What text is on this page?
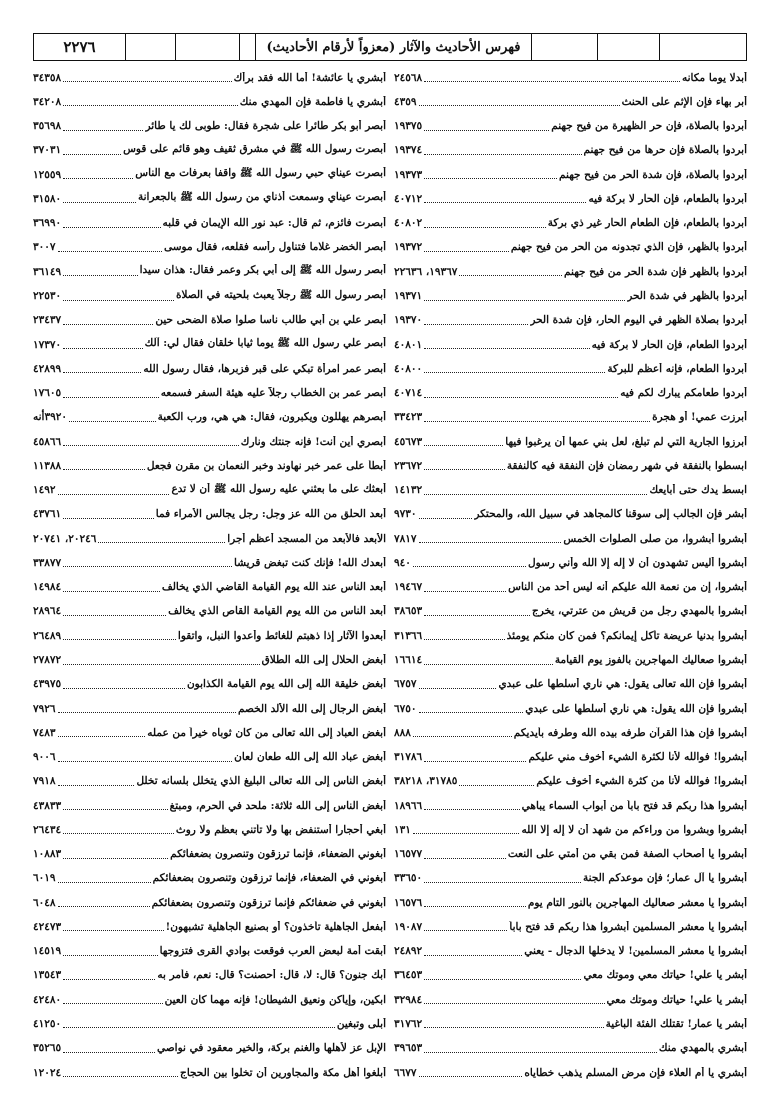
٢٢٧٦	فهرس الأحاديث والآثار (معزواً لأرقام الأحاديث)
أبشري يا عائشة! أما الله فقد برأك
٣٤٣٥٨
أبشري يا فاطمة فإن المهدي منك
٣٤٢٠٨
أبصر أبو بكر طائرا على شجرة فقال: طوبى لك يا طائر
٣٥٦٩٨
أبصرت رسول الله ﷺ في مشرق ثقيف وهو قائم على قوس
٣٧٠٣١
أبصرت عيناي حبي رسول الله ﷺ واقفا بعرفات مع الناس
١٢٥٥٩
أبصرت عيناي وسمعت أذناي من رسول الله ﷺ بالجعرانة
٣١٥٨٠
أبصرت فائزم، ثم قال: عبد نور الله الإيمان في قلبه
٣٦٩٩٠
أبصر الخضر غلاما فتناول رأسه فقلعه، فقال موسى
٣٠٠٧
أبصر رسول الله ﷺ إلى أبي بكر وعمر فقال: هذان سيدا
٣٦١٤٩
أبصر رسول الله ﷺ رجلاً يعبث بلحيته في الصلاة
٢٢٥٣٠
أبصر علي بن أبي طالب ناسا صلوا صلاة الضحى حين
٢٣٤٣٧
أبصر علي رسول الله ﷺ يوما ثيابا خلقان فقال لي: آلك
١٧٣٧٠
أبصر عمر امرأة تبكي على قبر فزبرها، فقال رسول الله
٤٢٨٩٩
أبصر عمر بن الخطاب رجلاً عليه هيئة السفر فسمعه
١٧٦٠٥
أبصرهم يهللون ويكبرون، فقال: هي هي، ورب الكعبة
٣٩٢٠أنه
أبصري أين أنت! فإنه جنتك ونارك
٤٥٨٦٦
أبطأ على عمر خبر نهاوند وخبر النعمان بن مقرن فجعل
١١٣٨٨
أبعثك على ما بعثني عليه رسول الله ﷺ أن لا تدع
١٤٩٢
أبعد الحلق من الله عز وجل: رجل يجالس الأمراء فما
٤٣٧٦١
الأبعد فالأبعد من المسجد أعظم أجرا
٢٠٢٤٦، ٢٠٧٤١
أبعدك الله! فإنك كنت تبغض قريشا
٣٣٨٧٧
أبعد الناس عند الله يوم القيامة القاضي الذي يخالف
١٤٩٨٤
أبعد الناس من الله يوم القيامة القاص الذي يخالف
٢٨٩٦٤
أبعدوا الآثار إذا ذهبتم للغائط وأعدوا النبل، واتقوا
٢٦٤٨٩
أبغض الحلال إلى الله الطلاق
٢٧٨٧٢
أبغض خليقة الله إلى الله يوم القيامة الكذابون
٤٣٩٧٥
أبغض الرجال إلى الله الألد الخصم
٧٩٢٦
أبغض العباد إلى الله تعالى من كان ثوباه خيراً من عمله
٧٤٨٣
أبغض عباد الله إلى الله طعان لعان
٩٠٠٦
أبغض الناس إلى الله تعالى البليغ الذي يتخلل بلسانه تخلل
٧٩١٨
أبغض الناس إلى الله ثلاثة: ملحد في الحرم، ومبتغ
٤٣٨٣٣
أبغي أحجارا أستنفض بها ولا تأتني بعظم ولا روث
٢٦٤٣٤
أبغوني الضعفاء، فإنما ترزقون وتنصرون بضعفائكم
١٠٨٨٣
أبغوني في الضعفاء، فإنما ترزقون وتنصرون بضعفائكم
٦٠١٩
أبغوني في ضعفائكم فإنما ترزقون وتنصرون بضعفائكم
٦٠٤٨
أبفعل الجاهلية تأخذون؟ أو بصنيع الجاهلية تشبهون!
٤٢٤٧٣
أبقت أمة لبعض العرب فوقعت بوادي القرى فتزوجها
١٤٥١٩
أبك جنون؟ قال: لا، قال: أحصنت؟ قال: نعم، فأمر به
١٣٥٤٣
ابكين، وإياكن ونعيق الشيطان! فإنه مهما كان العين
٤٢٤٨٠
أبلى وتبغين
٤١٢٥٠
الإبل عز لأهلها والغنم بركة، والخير معقود في نواصي
٣٥٢٦٥
أبلغوا أهل مكة والمجاورين أن تخلوا بين الحجاج
١٢٠٢٤
أبدلا يوما مكانه
٢٤٥٦٨
أبر بهاء فإن الإثم على الحنث
٤٣٥٩
أبردوا بالصلاة، فإن حر الظهيرة من فيح جهنم
١٩٣٧٥
أبردوا بالصلاة فإن حرها من فيح جهنم
١٩٣٧٤
أبردوا بالصلاة، فإن شدة الحر من فيح جهنم
١٩٣٧٣
أبردوا بالطعام، فإن الحار لا بركة فيه
٤٠٧١٢
أبردوا بالطعام، فإن الطعام الحار غير ذي بركة
٤٠٨٠٢
أبردوا بالظهر، فإن الذي تجدونه من الحر من فيح جهنم
١٩٣٧٢
أبردوا بالظهر فإن شدة الحر من فيح جهنم
١٩٣٦٧، ٢٢٦٣٦
أبردوا بالظهر في شدة الحر
١٩٣٧١
أبردوا بصلاة الظهر في اليوم الحار، فإن شدة الحر
١٩٣٧٠
أبردوا الطعام، فإن الحار لا بركة فيه
٤٠٨٠١
أبردوا الطعام، فإنه أعظم للبركة
٤٠٨٠٠
أبردوا طعامكم يبارك لكم فيه
٤٠٧١٤
أبرزت عمي! أو هجرة
٣٣٤٢٣
أبرزوا الجارية التي لم تبلغ، لعل بني عمها أن يرغبوا فيها
٤٥٦٧٣
ابسطوا بالنفقة في شهر رمضان فإن النفقة فيه كالنفقة
٢٣٦٧٢
ابسط يدك حتى أبايعك
١٤١٣٢
أبشر فإن الجالب إلى سوقنا كالمجاهد في سبيل الله، والمحتكر
٩٧٣٠
أبشروا أبشروا، من صلى الصلوات الخمس
٧٨١٧
أبشروا أليس تشهدون أن لا إله إلا الله وأني رسول
٩٤٠
أبشروا، إن من نعمة الله عليكم أنه ليس أحد من الناس
١٩٤٦٧
أبشروا بالمهدي رجل من قريش من عترتي، يخرج
٣٨٦٥٣
أبشروا بدنيا عريضة تأكل إيمانكم؟ فمن كان منكم يومئذ
٣١٣٦٦
أبشروا صعاليك المهاجرين بالفوز يوم القيامة
١٦٦١٤
أبشروا فإن الله تعالى يقول: هي ناري أسلطها على عبدي
٦٧٥٧
أبشروا فإن الله يقول: هي ناري أسلطها على عبدي
٦٧٥٠
أبشروا فإن هذا القرآن طرفه بيده الله وطرفه بأيديكم
٨٨٨
أبشروا! فوالله لأنا لكثرة الشيء أخوف مني عليكم
٣١٧٨٦
أبشروا! فوالله لأنا من كثرة الشيء أخوف عليكم
٣١٧٨٥، ٣٨٢١٨
أبشروا هذا ربكم قد فتح باباً من أبواب السماء يباهي
١٨٩٦٦
أبشروا وبشروا من وراءكم من شهد أن لا إله إلا الله
١٣١
أبشروا يا أصحاب الصفة فمن بقي من أمتي على النعت
١٦٥٧٧
أبشروا يا آل عمار؛ فإن موعدكم الجنة
٣٣٦٥٠
أبشروا يا معشر صعاليك المهاجرين بالنور التام يوم
١٦٥٧٦
أبشروا يا معشر المسلمين أبشروا هذا ربكم قد فتح باباً
١٩٠٨٧
أبشروا يا معشر المسلمين! لا يدخلها الدجال - يعني
٢٤٨٩٢
أبشر يا علي! حياتك معي وموتك معي
٣٦٤٥٣
أبشر يا علي! حياتك وموتك معي
٣٢٩٨٤
أبشر يا عمار! تقتلك الفئة الباغية
٣١٧٦٢
أبشري بالمهدي منك
٣٩٦٥٣
أبشري يا أم العلاء فإن مرض المسلم يذهب خطاياه
٦٦٧٧
